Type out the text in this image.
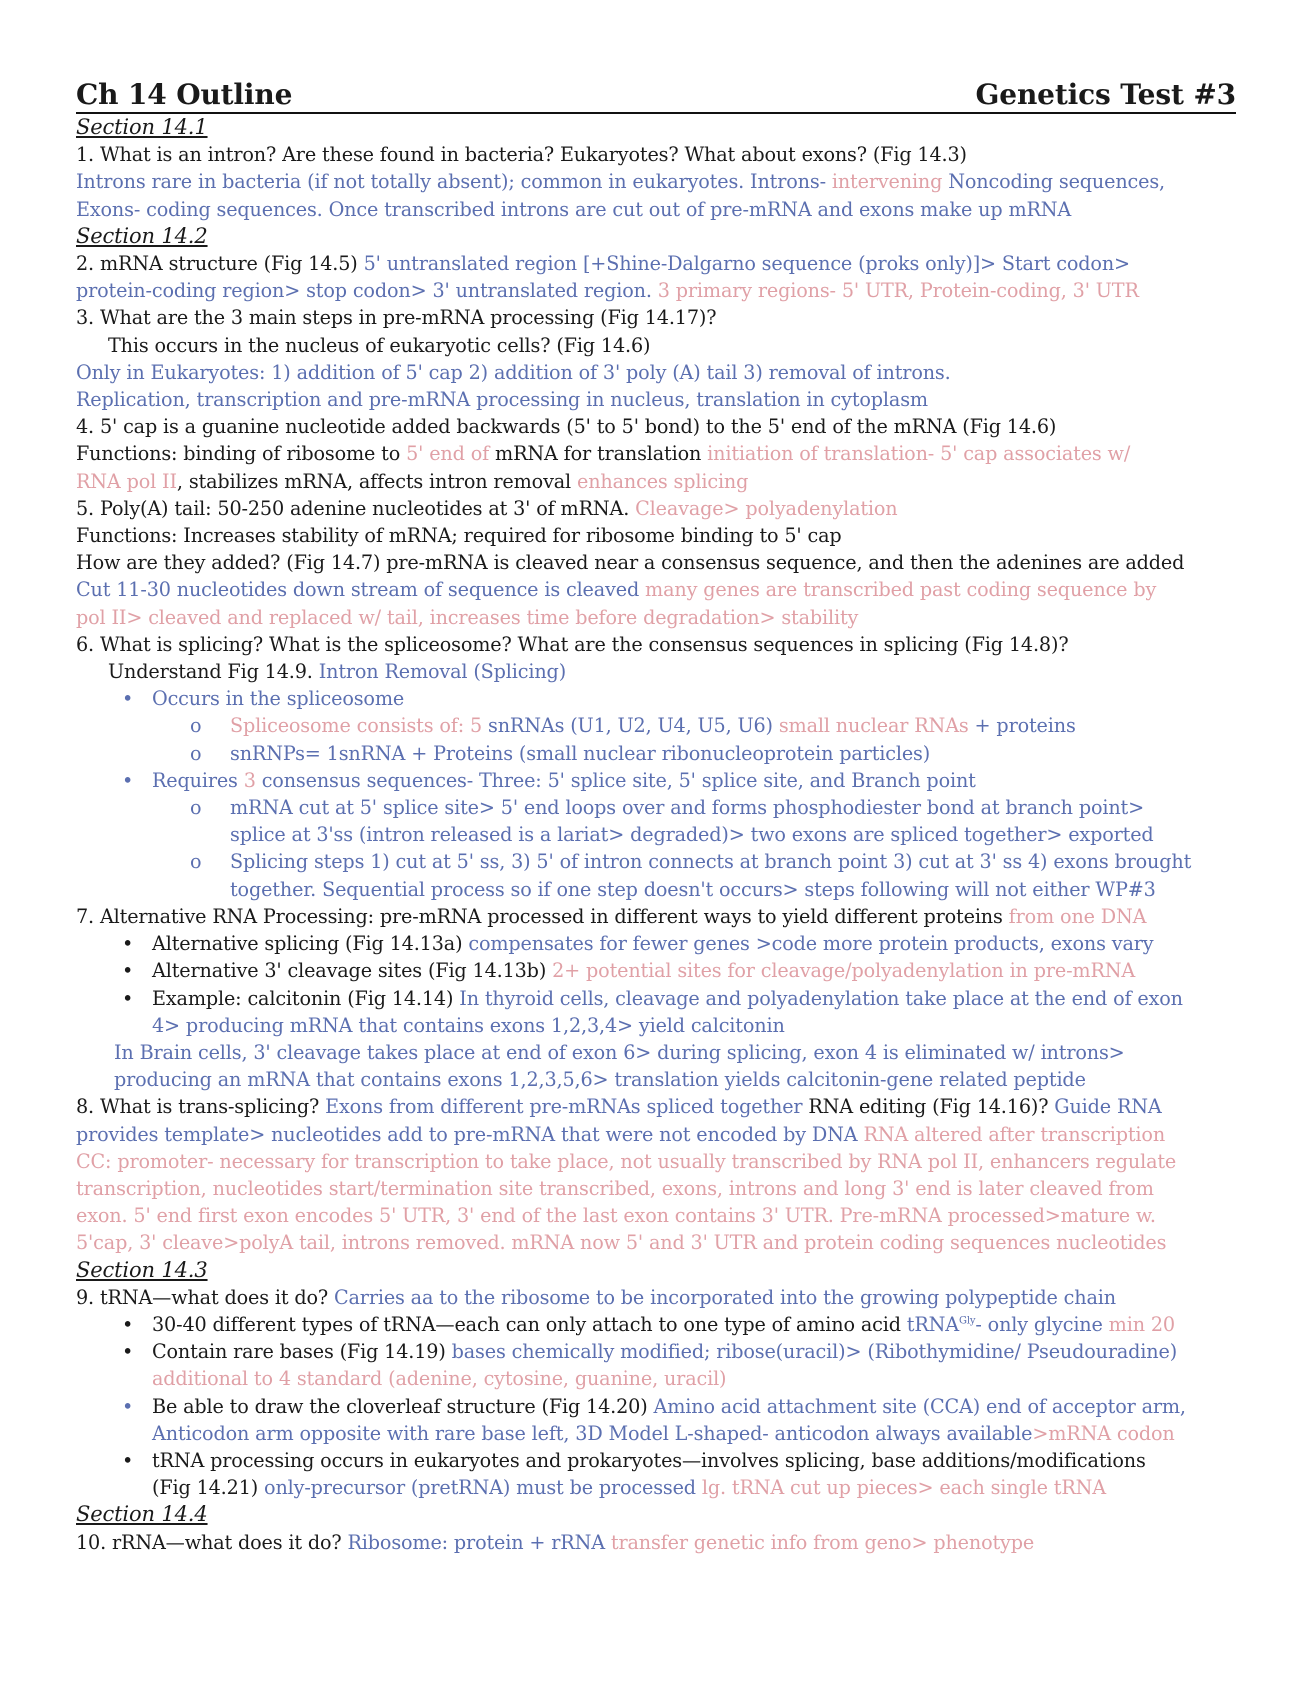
Ch 14 Outline	Genetics Test #3
Section 14.1
1. What is an intron? Are these found in bacteria? Eukaryotes? What about exons? (Fig 14.3)
Introns rare in bacteria (if not totally absent); common in eukaryotes. Introns- intervening Noncoding sequences,
Exons- coding sequences. Once transcribed introns are cut out of pre-mRNA and exons make up mRNA
Section 14.2
2. mRNA structure (Fig 14.5) 5' untranslated region [+Shine-Dalgarno sequence (proks only)]> Start codon>
protein-coding region> stop codon> 3' untranslated region. 3 primary regions- 5' UTR, Protein-coding, 3' UTR
3. What are the 3 main steps in pre-mRNA processing (Fig 14.17)?
This occurs in the nucleus of eukaryotic cells? (Fig 14.6)
Only in Eukaryotes: 1) addition of 5' cap 2) addition of 3' poly (A) tail 3) removal of introns.
Replication, transcription and pre-mRNA processing in nucleus, translation in cytoplasm
4. 5' cap is a guanine nucleotide added backwards (5' to 5' bond) to the 5' end of the mRNA (Fig 14.6)
Functions: binding of ribosome to 5' end of mRNA for translation initiation of translation- 5' cap associates w/
RNA pol II, stabilizes mRNA, affects intron removal enhances splicing
5. Poly(A) tail: 50-250 adenine nucleotides at 3' of mRNA. Cleavage> polyadenylation
Functions: Increases stability of mRNA; required for ribosome binding to 5' cap
How are they added? (Fig 14.7) pre-mRNA is cleaved near a consensus sequence, and then the adenines are added
Cut 11-30 nucleotides down stream of sequence is cleaved many genes are transcribed past coding sequence by
pol II> cleaved and replaced w/ tail, increases time before degradation> stability
6. What is splicing? What is the spliceosome? What are the consensus sequences in splicing (Fig 14.8)?
Understand Fig 14.9. Intron Removal (Splicing)
•
Occurs in the spliceosome
o
Spliceosome consists of: 5 snRNAs (U1, U2, U4, U5, U6) small nuclear RNAs + proteins
o
snRNPs= 1snRNA + Proteins (small nuclear ribonucleoprotein particles)
•
Requires 3 consensus sequences- Three: 5' splice site, 5' splice site, and Branch point
o
mRNA cut at 5' splice site> 5' end loops over and forms phosphodiester bond at branch point>
splice at 3'ss (intron released is a lariat> degraded)> two exons are spliced together> exported
o
Splicing steps 1) cut at 5' ss, 3) 5' of intron connects at branch point 3) cut at 3' ss 4) exons brought
together. Sequential process so if one step doesn't occurs> steps following will not either WP#3
7. Alternative RNA Processing: pre-mRNA processed in different ways to yield different proteins from one DNA
•
Alternative splicing (Fig 14.13a) compensates for fewer genes >code more protein products, exons vary
•
Alternative 3' cleavage sites (Fig 14.13b) 2+ potential sites for cleavage/polyadenylation in pre-mRNA
•
Example: calcitonin (Fig 14.14) In thyroid cells, cleavage and polyadenylation take place at the end of exon
4> producing mRNA that contains exons 1,2,3,4> yield calcitonin
In Brain cells, 3' cleavage takes place at end of exon 6> during splicing, exon 4 is eliminated w/ introns>
producing an mRNA that contains exons 1,2,3,5,6> translation yields calcitonin-gene related peptide
8. What is trans-splicing? Exons from different pre-mRNAs spliced together RNA editing (Fig 14.16)? Guide RNA
provides template> nucleotides add to pre-mRNA that were not encoded by DNA RNA altered after transcription
CC: promoter- necessary for transcription to take place, not usually transcribed by RNA pol II, enhancers regulate
transcription, nucleotides start/termination site transcribed, exons, introns and long 3' end is later cleaved from
exon. 5' end first exon encodes 5' UTR, 3' end of the last exon contains 3' UTR. Pre-mRNA processed>mature w.
5'cap, 3' cleave>polyA tail, introns removed. mRNA now 5' and 3' UTR and protein coding sequences nucleotides
Section 14.3
9. tRNA—what does it do? Carries aa to the ribosome to be incorporated into the growing polypeptide chain
•
30-40 different types of tRNA—each can only attach to one type of amino acid tRNA$^{Gly}$- only glycine min 20
•
Contain rare bases (Fig 14.19) bases chemically modified; ribose(uracil)> (Ribothymidine/ Pseudouradine)
additional to 4 standard (adenine, cytosine, guanine, uracil)
•
Be able to draw the cloverleaf structure (Fig 14.20) Amino acid attachment site (CCA) end of acceptor arm,
Anticodon arm opposite with rare base left, 3D Model L-shaped- anticodon always available>mRNA codon
•
tRNA processing occurs in eukaryotes and prokaryotes—involves splicing, base additions/modifications
(Fig 14.21) only-precursor (pretRNA) must be processed lg. tRNA cut up pieces> each single tRNA
Section 14.4
10. rRNA—what does it do? Ribosome: protein + rRNA transfer genetic info from geno> phenotype
